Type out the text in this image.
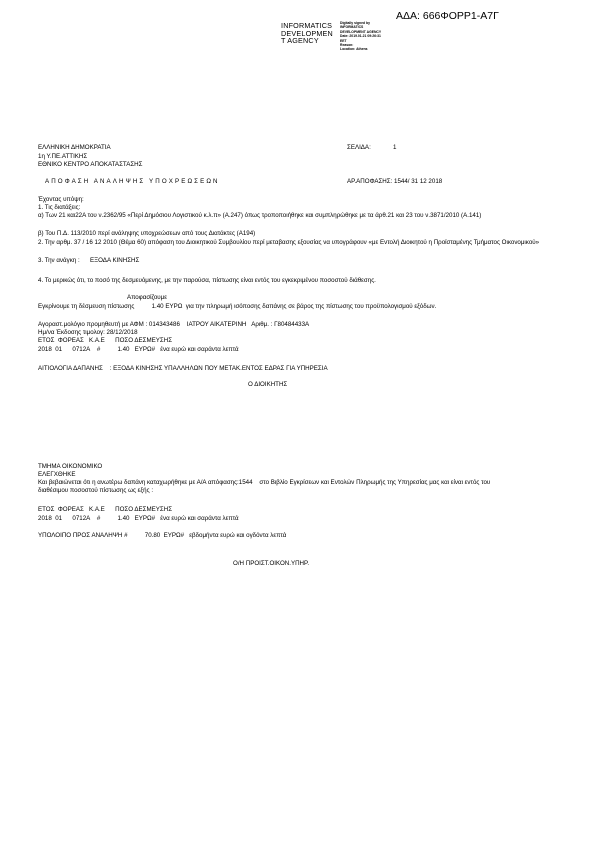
ΑΔΑ: 666ΦΟΡΡ1-Α7Γ
INFORMATICS
DEVELOPMEN
T AGENCY
Digitally signed by
INFORMATICS
DEVELOPMENT AGENCY
Date: 2019.01.21 09:26:31
EET
Reason:
Location: Athens
ΕΛΛΗΝΙΚΗ ΔΗΜΟΚΡΑΤΙΑ	ΣΕΛΙΔΑ:	1
1η Υ.ΠΕ.ΑΤΤΙΚΗΣ
ΕΘΝΙΚΟ ΚΕΝΤΡΟ ΑΠΟΚΑΤΑΣΤΑΣΗΣ
ΑΠΟΦΑΣΗ ΑΝΑΛΗΨΗΣ ΥΠΟΧΡΕΩΣΕΩΝ	ΑΡ.ΑΠΟΦΑΣΗΣ: 1544/ 31 12 2018
Έχοντας υπόψη:
1. Τις διατάξεις:
α) Των 21 και22Α του ν.2362/95 «Περί Δημόσιου Λογιστικού κ.λ.π» (Α.247) όπως τροποποιήθηκε και συμπληρώθηκε με τα άρθ.21 και 23 του ν.3871/2010 (Α.141)
β) Του Π.Δ. 113/2010 περί ανάληψης υποχρεώσεων από τους Διατάκτες (Α194)
2. Την αρθμ. 37 / 16 12 2010 (Θέμα 60) απόφαση του Διοικητικού Συμβουλίου περί μεταβασης εξουσίας να υπογράφουν «με Εντολή Διοικητού η Προϊσταμένης Τμήματος Οικονομικού»
3. Την ανάγκη :      ΕΞΟΔΑ ΚΙΝΗΣΗΣ
4. Το μερικώς ότι, το ποσό της δεσμευόμενης, με την παρούσα, πίστωσης είναι εντός του εγκεκριμένου ποσοστού διάθεσης.
Αποφασίζουμε
Εγκρίνουμε τη δέσμευση πίστωσης          1.40 ΕΥΡΩ  για την πληρωμή ισόποσης δαπάνης σε βάρος της πίστωσης του προϋπολογισμού εξόδων.
Αγοραστ.μολόγιο προμηθευτή με ΑΦΜ : 014343486    ΙΑΤΡΟΥ ΑΙΚΑΤΕΡΙΝΗ   Αριθμ. : Γ80484433Α
Ημ/να Έκδοσης τιμολογ: 28/12/2018
ΕΤΟΣ  ΦΟΡΕΑΣ   Κ.Α.Ε      ΠΟΣΟ ΔΕΣΜΕΥΣΗΣ
2018  01      0712Α    #          1.40   ΕΥΡΩ#   ένα ευρώ και σαράντα λεπτά
ΑΙΤΙΟΛΟΓΙΑ ΔΑΠΑΝΗΣ    : ΕΞΟΔΑ ΚΙΝΗΣΗΣ ΥΠΑΛΛΗΛΩΝ ΠΟΥ ΜΕΤΑΚ.ΕΝΤΟΣ ΕΔΡΑΣ ΓΙΑ ΥΠΗΡΕΣΙΑ
Ο ΔΙΟΙΚΗΤΗΣ
ΤΜΗΜΑ ΟΙΚΟΝΟΜΙΚΟ
ΕΛΕΓΧΘΗΚΕ
Και βεβαιώνεται ότι η ανωτέρω δαπάνη καταχωρήθηκε με Α/Α απόφασης:1544    στο Βιβλίο Εγκρίσεων και Εντολών Πληρωμής της Υπηρεσίας μας και είναι εντός του διαθέσιμου ποσοστού πίστωσης ως εξής :
ΕΤΟΣ  ΦΟΡΕΑΣ   Κ.Α.Ε      ΠΟΣΟ ΔΕΣΜΕΥΣΗΣ
2018  01      0712Α    #          1.40   ΕΥΡΩ#   ένα ευρώ και σαράντα λεπτά
ΥΠΟΛΟΙΠΟ ΠΡΟΣ ΑΝΑΛΗΨΗ #          70.80  ΕΥΡΩ#   εβδομήντα ευρώ και ογδόντα λεπτά
Ο/Η ΠΡΟΙΣΤ.ΟΙΚΟΝ.ΥΠΗΡ.
